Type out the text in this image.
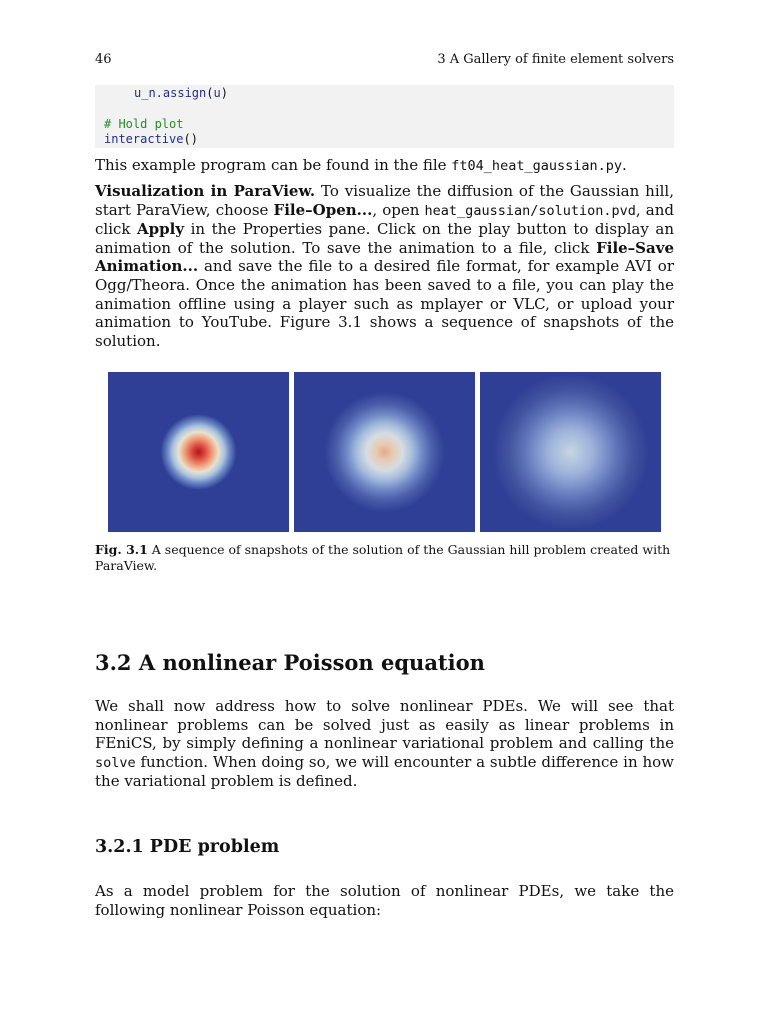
46	3 A Gallery of finite element solvers
u_n.assign(u)
# Hold plot
interactive()
This example program can be found in the file ft04_heat_gaussian.py.
Visualization in ParaView. To visualize the diffusion of the Gaussian hill, start ParaView, choose File–Open..., open heat_gaussian/solution.pvd, and click Apply in the Properties pane. Click on the play button to display an animation of the solution. To save the animation to a file, click File–Save Animation... and save the file to a desired file format, for example AVI or Ogg/Theora. Once the animation has been saved to a file, you can play the animation offline using a player such as mplayer or VLC, or upload your animation to YouTube. Figure 3.1 shows a sequence of snapshots of the solution.
Fig. 3.1 A sequence of snapshots of the solution of the Gaussian hill problem created with ParaView.
3.2 A nonlinear Poisson equation
We shall now address how to solve nonlinear PDEs. We will see that nonlinear problems can be solved just as easily as linear problems in FEniCS, by simply defining a nonlinear variational problem and calling the solve function. When doing so, we will encounter a subtle difference in how the variational problem is defined.
3.2.1 PDE problem
As a model problem for the solution of nonlinear PDEs, we take the following nonlinear Poisson equation:
